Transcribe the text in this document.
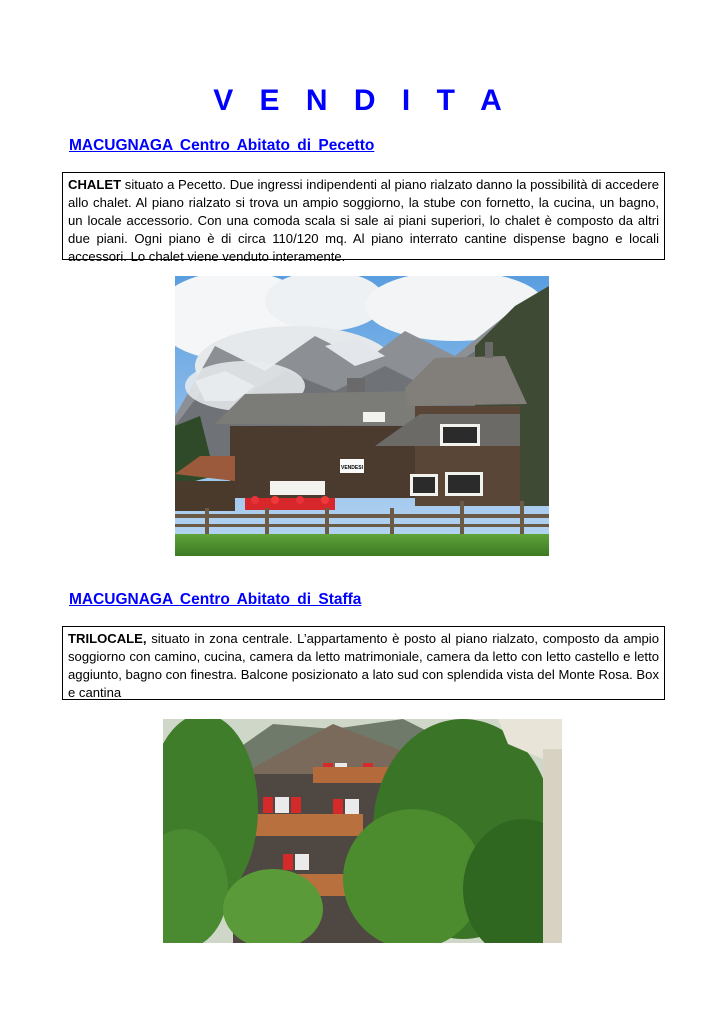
V E N D I T A
MACUGNAGA Centro Abitato di Pecetto
CHALET situato a Pecetto. Due ingressi indipendenti al piano rialzato danno la possibilità di accedere allo chalet. Al piano rialzato si trova un ampio soggiorno, la stube con fornetto, la cucina, un bagno, un locale accessorio. Con una comoda scala si sale ai piani superiori, lo chalet è composto da altri due piani. Ogni piano è di circa 110/120 mq. Al piano interrato cantine dispense bagno e locali accessori. Lo chalet viene venduto interamente.
VENDESI
MACUGNAGA Centro Abitato di Staffa
TRILOCALE, situato in zona centrale. L’appartamento è posto al piano rialzato, composto da ampio soggiorno con camino, cucina, camera da letto matrimoniale, camera da letto con letto castello e letto aggiunto, bagno con finestra. Balcone posizionato a lato sud con splendida vista del Monte Rosa. Box e cantina
